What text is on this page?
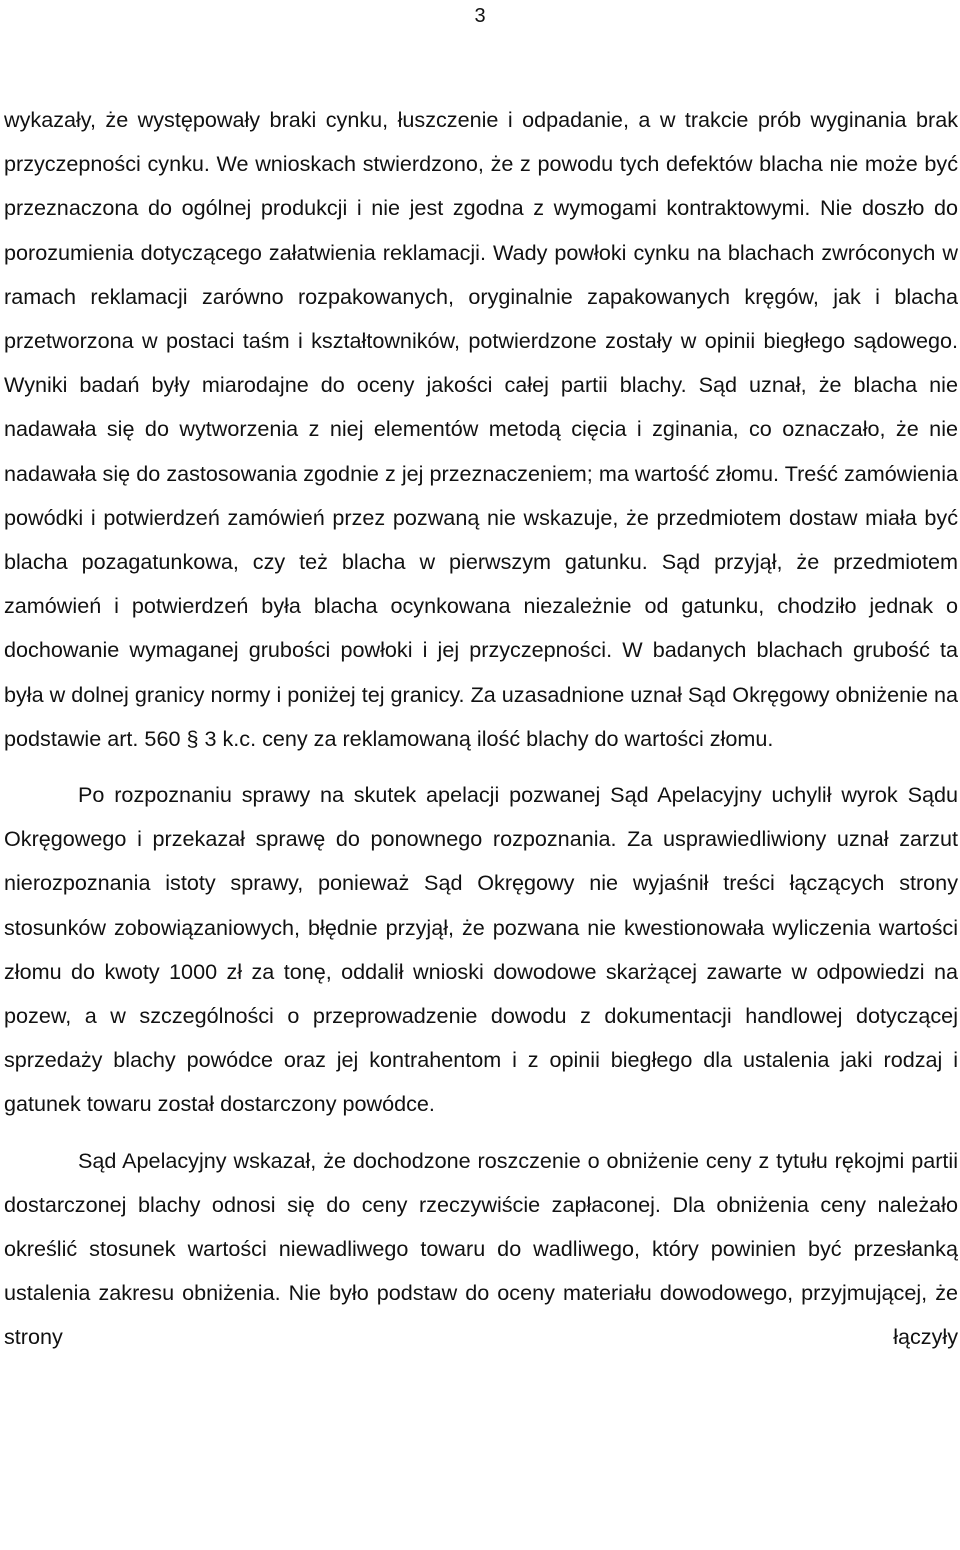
3

wykazały, że występowały braki cynku, łuszczenie i odpadanie, a w trakcie prób wyginania brak przyczepności cynku. We wnioskach stwierdzono, że z powodu tych defektów blacha nie może być przeznaczona do ogólnej produkcji i nie jest zgodna z wymogami kontraktowymi. Nie doszło do porozumienia dotyczącego załatwienia reklamacji. Wady powłoki cynku na blachach zwróconych w ramach reklamacji zarówno rozpakowanych, oryginalnie zapakowanych kręgów, jak i blacha przetworzona w postaci taśm i kształtowników, potwierdzone zostały w opinii biegłego sądowego. Wyniki badań były miarodajne do oceny jakości całej partii blachy. Sąd uznał, że blacha nie nadawała się do wytworzenia z niej elementów metodą cięcia i zginania, co oznaczało, że nie nadawała się do zastosowania zgodnie z jej przeznaczeniem; ma wartość złomu. Treść zamówienia powódki i potwierdzeń zamówień przez pozwaną nie wskazuje, że przedmiotem dostaw miała być blacha pozagatunkowa, czy też blacha w pierwszym gatunku. Sąd przyjął, że przedmiotem zamówień i potwierdzeń była blacha ocynkowana niezależnie od gatunku, chodziło jednak o dochowanie wymaganej grubości powłoki i jej przyczepności. W badanych blachach grubość ta była w dolnej granicy normy i poniżej tej granicy. Za uzasadnione uznał Sąd Okręgowy obniżenie na podstawie art. 560 § 3 k.c. ceny za reklamowaną ilość blachy do wartości złomu.

Po rozpoznaniu sprawy na skutek apelacji pozwanej Sąd Apelacyjny uchylił wyrok Sądu Okręgowego i przekazał sprawę do ponownego rozpoznania. Za usprawiedliwiony uznał zarzut nierozpoznania istoty sprawy, ponieważ Sąd Okręgowy nie wyjaśnił treści łączących strony stosunków zobowiązaniowych, błędnie przyjął, że pozwana nie kwestionowała wyliczenia wartości złomu do kwoty 1000 zł za tonę, oddalił wnioski dowodowe skarżącej zawarte w odpowiedzi na pozew, a w szczególności o przeprowadzenie dowodu z dokumentacji handlowej dotyczącej sprzedaży blachy powódce oraz jej kontrahentom i z opinii biegłego dla ustalenia jaki rodzaj i gatunek towaru został dostarczony powódce.

Sąd Apelacyjny wskazał, że dochodzone roszczenie o obniżenie ceny z tytułu rękojmi partii dostarczonej blachy odnosi się do ceny rzeczywiście zapłaconej. Dla obniżenia ceny należało określić stosunek wartości niewadliwego towaru do wadliwego, który powinien być przesłanką ustalenia zakresu obniżenia. Nie było podstaw do oceny materiału dowodowego, przyjmującej, że strony łączyły
